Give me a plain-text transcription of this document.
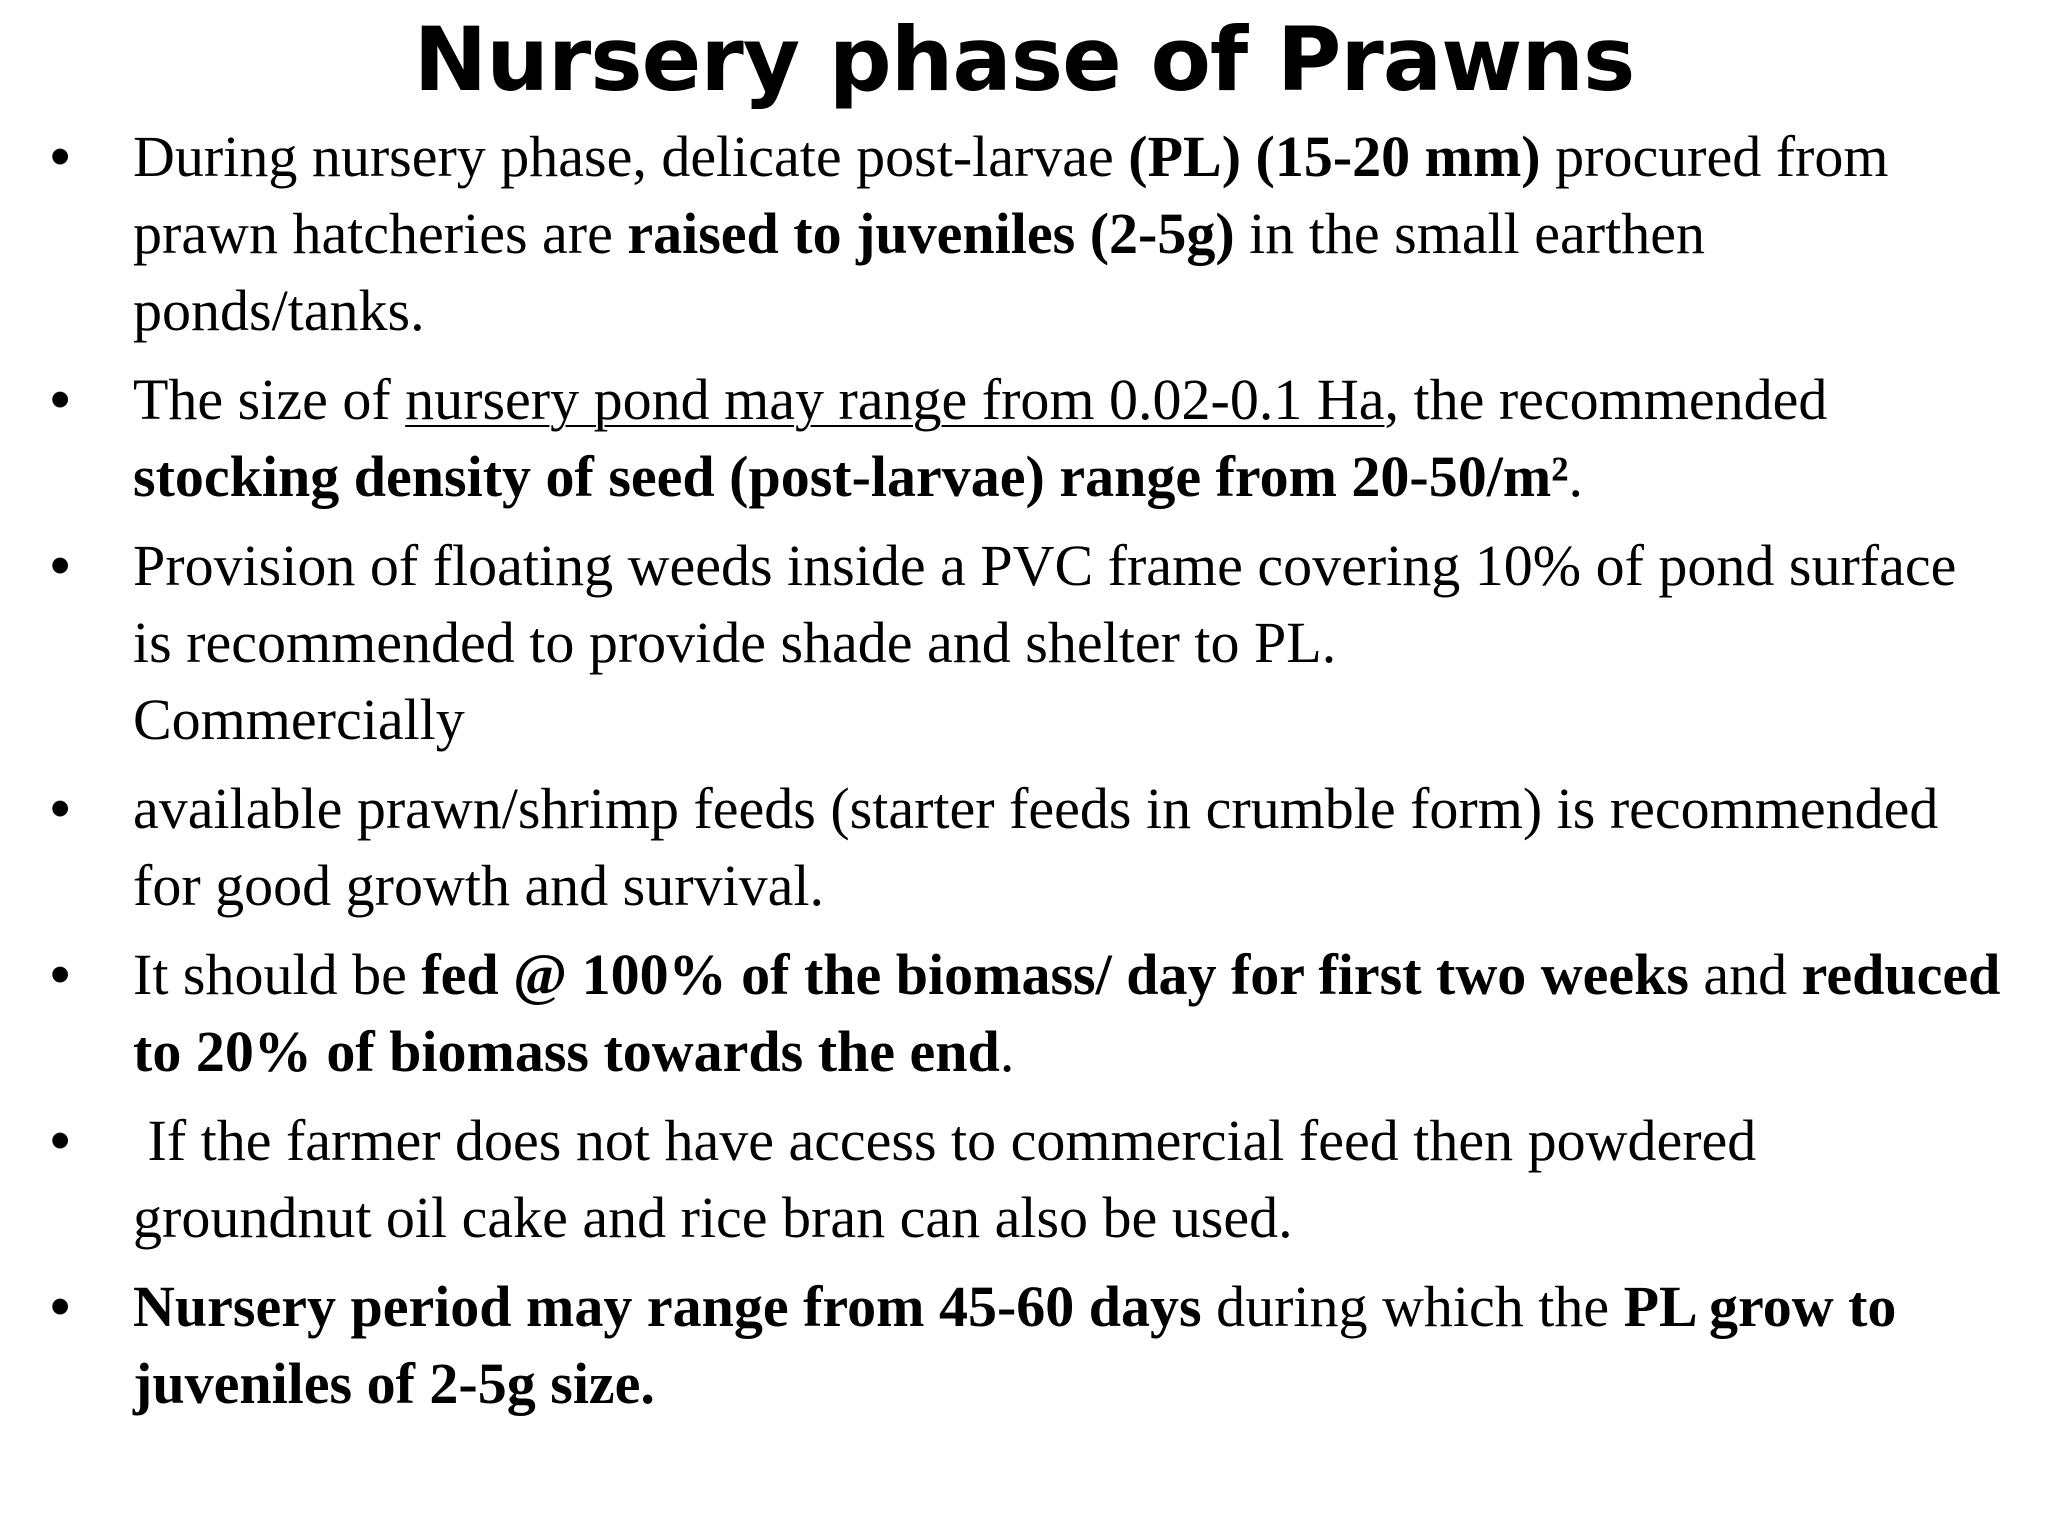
Nursery phase of Prawns
• During nursery phase, delicate post-larvae (PL) (15-20 mm) procured from prawn hatcheries are raised to juveniles (2-5g) in the small earthen ponds/tanks.
• The size of nursery pond may range from 0.02-0.1 Ha, the recommended stocking density of seed (post-larvae) range from 20-50/m².
• Provision of floating weeds inside a PVC frame covering 10% of pond surface is recommended to provide shade and shelter to PL.
Commercially
• available prawn/shrimp feeds (starter feeds in crumble form) is recommended for good growth and survival.
• It should be fed @ 100% of the biomass/ day for first two weeks and reduced to 20% of biomass towards the end.
• If the farmer does not have access to commercial feed then powdered groundnut oil cake and rice bran can also be used.
• Nursery period may range from 45-60 days during which the PL grow to juveniles of 2-5g size.
